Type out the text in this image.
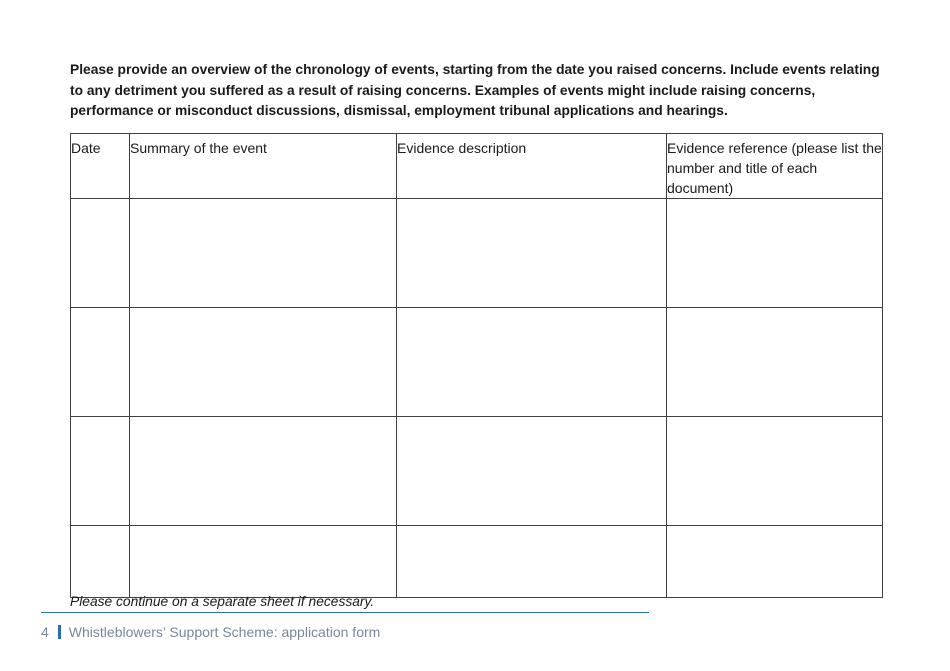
Please provide an overview of the chronology of events, starting from the date you raised concerns. Include events relating to any detriment you suffered as a result of raising concerns. Examples of events might include raising concerns, performance or misconduct discussions, dismissal, employment tribunal applications and hearings.

Date	Summary of the event	Evidence description	Evidence reference (please list the number and title of each document)

Please continue on a separate sheet if necessary.
4 Whistleblowers’ Support Scheme: application form
